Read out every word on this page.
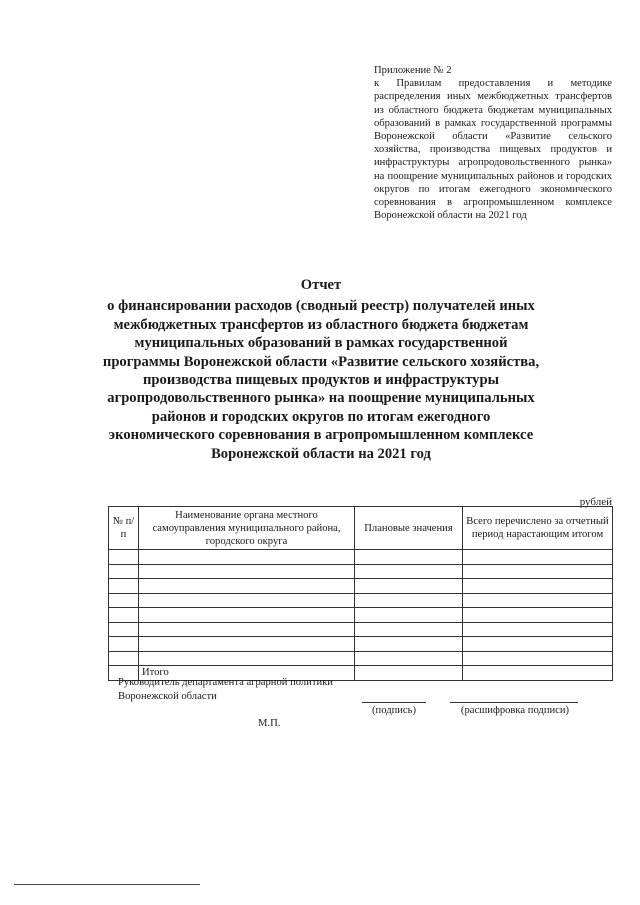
Приложение № 2
к Правилам предоставления и методике распределения иных межбюджетных трансфертов из областного бюджета бюджетам муниципальных образований в рамках государственной программы Воронежской области «Развитие сельского хозяйства, производства пищевых продуктов и инфраструктуры агропродовольственного рынка» на поощрение муниципальных районов и городских округов по итогам ежегодного экономического соревнования в агропромышленном комплексе Воронежской области на 2021 год
Отчет
о финансировании расходов (сводный реестр) получателей иных межбюджетных трансфертов из областного бюджета бюджетам муниципальных образований в рамках государственной программы Воронежской области «Развитие сельского хозяйства, производства пищевых продуктов и инфраструктуры агропродовольственного рынка» на поощрение муниципальных районов и городских округов по итогам ежегодного экономического соревнования в агропромышленном комплексе Воронежской области на 2021 год
рублей
№ п/п	Наименование органа местного самоуправления муниципального района, городского округа	Плановые значения	Всего перечислено за отчетный период нарастающим итогом

	Итого		
Руководитель департамента аграрной политики Воронежской области
(подпись)	(расшифровка подписи)
М.П.
